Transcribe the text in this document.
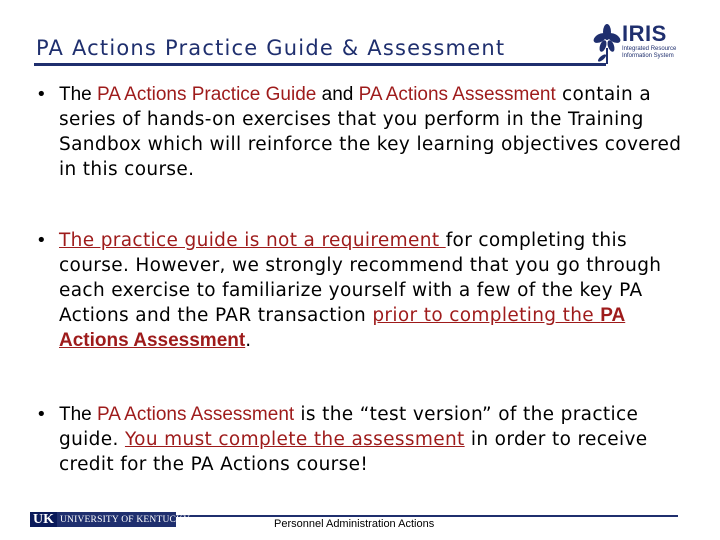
PA Actions Practice Guide & Assessment
IRIS
Integrated Resource
Information System
• The PA Actions Practice Guide and PA Actions Assessment contain a series of hands-on exercises that you perform in the Training Sandbox which will reinforce the key learning objectives covered in this course.
• The practice guide is not a requirement for completing this course. However, we strongly recommend that you go through each exercise to familiarize yourself with a few of the key PA Actions and the PAR transaction prior to completing the PA Actions Assessment.
• The PA Actions Assessment is the “test version” of the practice guide. You must complete the assessment in order to receive credit for the PA Actions course!
UK UNIVERSITY OF KENTUCKY	Personnel Administration Actions
